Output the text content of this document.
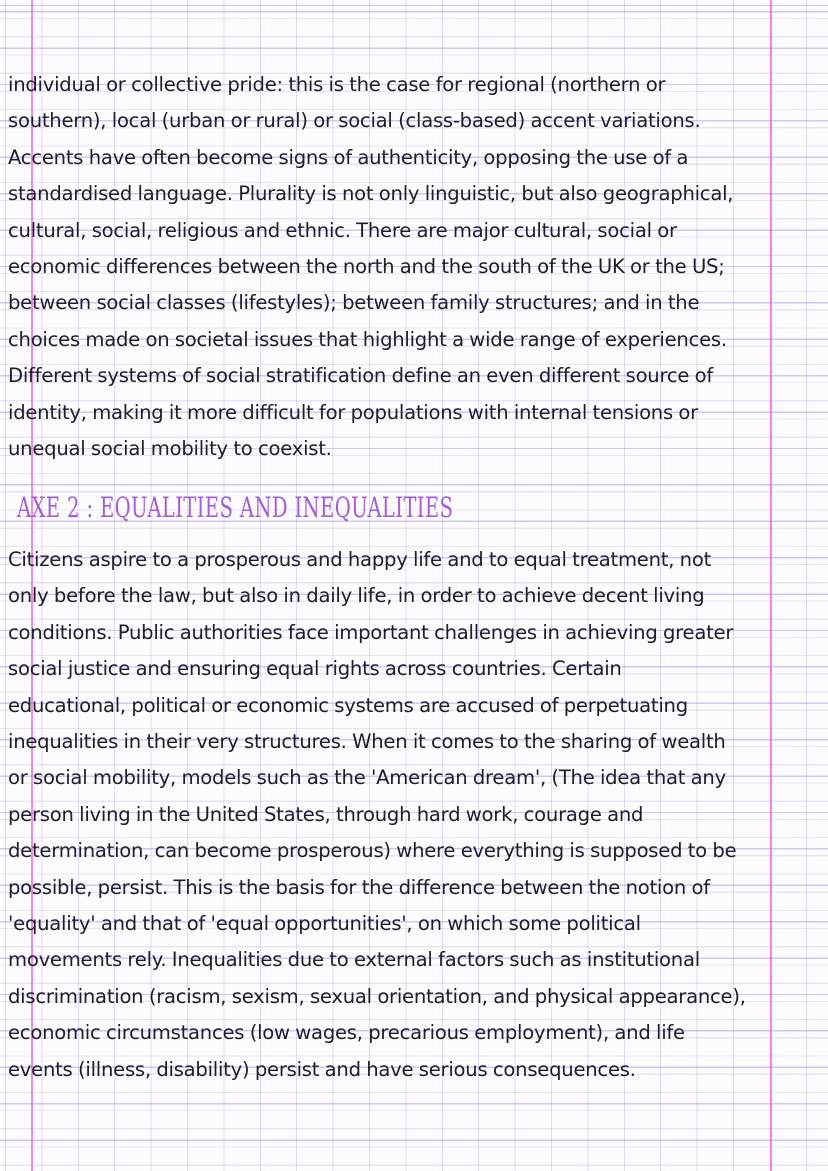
individual or collective pride: this is the case for regional (northern or
southern), local (urban or rural) or social (class-based) accent variations.
Accents have often become signs of authenticity, opposing the use of a
standardised language. Plurality is not only linguistic, but also geographical,
cultural, social, religious and ethnic. There are major cultural, social or
economic differences between the north and the south of the UK or the US;
between social classes (lifestyles); between family structures; and in the
choices made on societal issues that highlight a wide range of experiences.
Different systems of social stratification define an even different source of
identity, making it more difficult for populations with internal tensions or
unequal social mobility to coexist.

AXE 2 : EQUALITIES AND INEQUALITIES

Citizens aspire to a prosperous and happy life and to equal treatment, not
only before the law, but also in daily life, in order to achieve decent living
conditions. Public authorities face important challenges in achieving greater
social justice and ensuring equal rights across countries. Certain
educational, political or economic systems are accused of perpetuating
inequalities in their very structures. When it comes to the sharing of wealth
or social mobility, models such as the 'American dream', (The idea that any
person living in the United States, through hard work, courage and
determination, can become prosperous) where everything is supposed to be
possible, persist. This is the basis for the difference between the notion of
'equality' and that of 'equal opportunities', on which some political
movements rely. Inequalities due to external factors such as institutional
discrimination (racism, sexism, sexual orientation, and physical appearance),
economic circumstances (low wages, precarious employment), and life
events (illness, disability) persist and have serious consequences.
